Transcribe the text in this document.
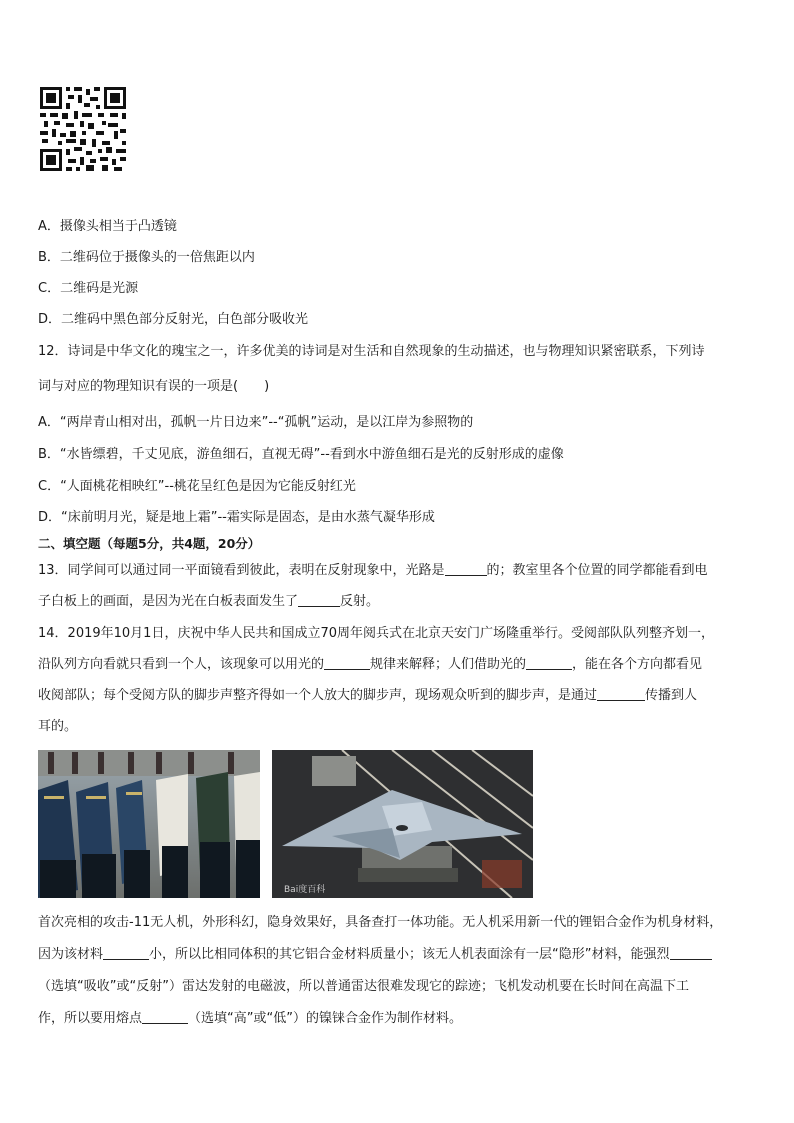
A．摄像头相当于凸透镜
B．二维码位于摄像头的一倍焦距以内
C．二维码是光源
D．二维码中黑色部分反射光，白色部分吸收光
12．诗词是中华文化的瑰宝之一，许多优美的诗词是对生活和自然现象的生动描述，也与物理知识紧密联系，下列诗
词与对应的物理知识有误的一项是(　　)
A．“两岸青山相对出，孤帆一片日边来”--“孤帆”运动，是以江岸为参照物的
B．“水皆缥碧，千丈见底，游鱼细石，直视无碍”--看到水中游鱼细石是光的反射形成的虚像
C．“人面桃花相映红”--桃花呈红色是因为它能反射红光
D．“床前明月光，疑是地上霜”--霜实际是固态，是由水蒸气凝华形成
二、填空题（每题5分，共4题，20分）
13．同学间可以通过同一平面镜看到彼此，表明在反射现象中，光路是	的；教室里各个位置的同学都能看到电
子白板上的画面，是因为光在白板表面发生了	反射。
14．2019年10月1日，庆祝中华人民共和国成立70周年阅兵式在北京天安门广场隆重举行。受阅部队队列整齐划一，
沿队列方向看就只看到一个人，该现象可以用光的	规律来解释；人们借助光的	，能在各个方向都看见
收阅部队；每个受阅方队的脚步声整齐得如一个人放大的脚步声，现场观众听到的脚步声，是通过	传播到人
耳的。
Bai度百科
首次亮相的攻击-11无人机，外形科幻，隐身效果好，具备查打一体功能。无人机采用新一代的锂铝合金作为机身材料，
因为该材料	小，所以比相同体积的其它铝合金材料质量小；该无人机表面涂有一层“隐形”材料，能强烈
（选填“吸收”或“反射”）雷达发射的电磁波，所以普通雷达很难发现它的踪迹；飞机发动机要在长时间在高温下工
作，所以要用熔点	（选填“高”或“低”）的镍铼合金作为制作材料。
